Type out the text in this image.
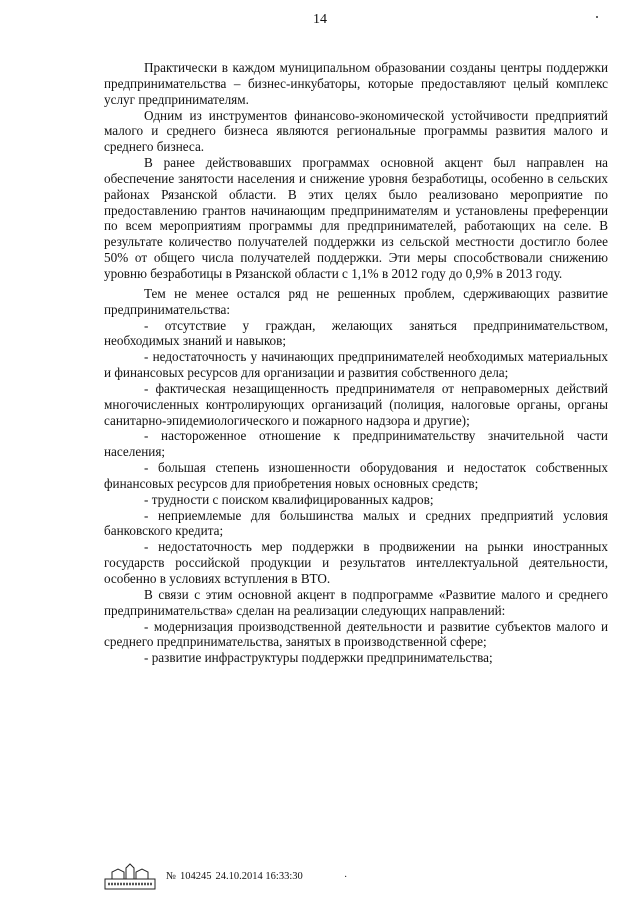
14

Практически в каждом муниципальном образовании созданы центры поддержки предпринимательства – бизнес-инкубаторы, которые предоставляют целый комплекс услуг предпринимателям.

Одним из инструментов финансово-экономической устойчивости предприятий малого и среднего бизнеса являются региональные программы развития малого и среднего бизнеса.

В ранее действовавших программах основной акцент был направлен на обеспечение занятости населения и снижение уровня безработицы, особенно в сельских районах Рязанской области. В этих целях было реализовано мероприятие по предоставлению грантов начинающим предпринимателям и установлены преференции по всем мероприятиям программы для предпринимателей, работающих на селе. В результате количество получателей поддержки из сельской местности достигло более 50% от общего числа получателей поддержки. Эти меры способствовали снижению уровню безработицы в Рязанской области с 1,1% в 2012 году до 0,9% в 2013 году.

Тем не менее остался ряд не решенных проблем, сдерживающих развитие предпринимательства:

- отсутствие у граждан, желающих заняться предпринимательством, необходимых знаний и навыков;

- недостаточность у начинающих предпринимателей необходимых материальных и финансовых ресурсов для организации и развития собственного дела;

- фактическая незащищенность предпринимателя от неправомерных действий многочисленных контролирующих организаций (полиция, налоговые органы, органы санитарно-эпидемиологического и пожарного надзора и другие);

- настороженное отношение к предпринимательству значительной части населения;

- большая степень изношенности оборудования и недостаток собственных финансовых ресурсов для приобретения новых основных средств;

- трудности с поиском квалифицированных кадров;

- неприемлемые для большинства малых и средних предприятий условия банковского кредита;

- недостаточность мер поддержки в продвижении на рынки иностранных государств российской продукции и результатов интеллектуальной деятельности, особенно в условиях вступления в ВТО.

В связи с этим основной акцент в подпрограмме «Развитие малого и среднего предпринимательства» сделан на реализации следующих направлений:

- модернизация производственной деятельности и развитие субъектов малого и среднего предпринимательства, занятых в производственной сфере;

- развитие инфраструктуры поддержки предпринимательства;

№ 104245 24.10.2014 16:33:30	·
